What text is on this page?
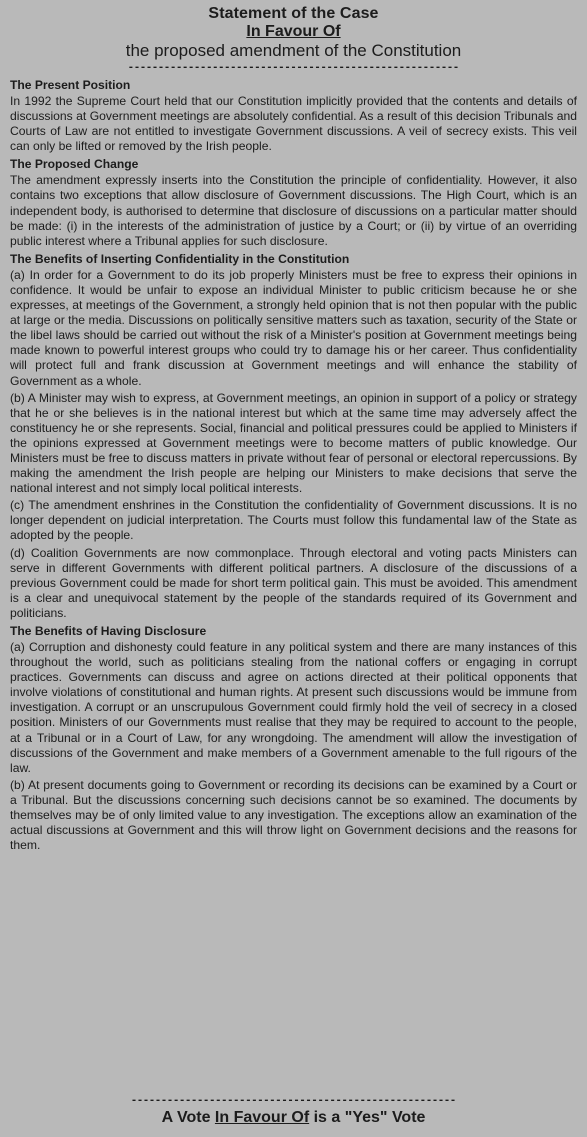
Statement of the Case
In Favour Of
the proposed amendment of the Constitution
-------------------------------------------------------
The Present Position

In 1992 the Supreme Court held that our Constitution implicitly provided that the contents and details of discussions at Government meetings are absolutely confidential. As a result of this decision Tribunals and Courts of Law are not entitled to investigate Government discussions. A veil of secrecy exists. This veil can only be lifted or removed by the Irish people.

The Proposed Change

The amendment expressly inserts into the Constitution the principle of confidentiality. However, it also contains two exceptions that allow disclosure of Government discussions. The High Court, which is an independent body, is authorised to determine that disclosure of discussions on a particular matter should be made: (i) in the interests of the administration of justice by a Court; or (ii) by virtue of an overriding public interest where a Tribunal applies for such disclosure.

The Benefits of Inserting Confidentiality in the Constitution

(a) In order for a Government to do its job properly Ministers must be free to express their opinions in confidence. It would be unfair to expose an individual Minister to public criticism because he or she expresses, at meetings of the Government, a strongly held opinion that is not then popular with the public at large or the media. Discussions on politically sensitive matters such as taxation, security of the State or the libel laws should be carried out without the risk of a Minister's position at Government meetings being made known to powerful interest groups who could try to damage his or her career. Thus confidentiality will protect full and frank discussion at Government meetings and will enhance the stability of Government as a whole.

(b) A Minister may wish to express, at Government meetings, an opinion in support of a policy or strategy that he or she believes is in the national interest but which at the same time may adversely affect the constituency he or she represents. Social, financial and political pressures could be applied to Ministers if the opinions expressed at Government meetings were to become matters of public knowledge. Our Ministers must be free to discuss matters in private without fear of personal or electoral repercussions. By making the amendment the Irish people are helping our Ministers to make decisions that serve the national interest and not simply local political interests.

(c) The amendment enshrines in the Constitution the confidentiality of Government discussions. It is no longer dependent on judicial interpretation. The Courts must follow this fundamental law of the State as adopted by the people.

(d) Coalition Governments are now commonplace. Through electoral and voting pacts Ministers can serve in different Governments with different political partners. A disclosure of the discussions of a previous Government could be made for short term political gain. This must be avoided. This amendment is a clear and unequivocal statement by the people of the standards required of its Government and politicians.

The Benefits of Having Disclosure

(a) Corruption and dishonesty could feature in any political system and there are many instances of this throughout the world, such as politicians stealing from the national coffers or engaging in corrupt practices. Governments can discuss and agree on actions directed at their political opponents that involve violations of constitutional and human rights. At present such discussions would be immune from investigation. A corrupt or an unscrupulous Government could firmly hold the veil of secrecy in a closed position. Ministers of our Governments must realise that they may be required to account to the people, at a Tribunal or in a Court of Law, for any wrongdoing. The amendment will allow the investigation of discussions of the Government and make members of a Government amenable to the full rigours of the law.

(b) At present documents going to Government or recording its decisions can be examined by a Court or a Tribunal. But the discussions concerning such decisions cannot be so examined. The documents by themselves may be of only limited value to any investigation. The exceptions allow an examination of the actual discussions at Government and this will throw light on Government decisions and the reasons for them.

------------------------------------------------------
A Vote In Favour Of is a "Yes" Vote
